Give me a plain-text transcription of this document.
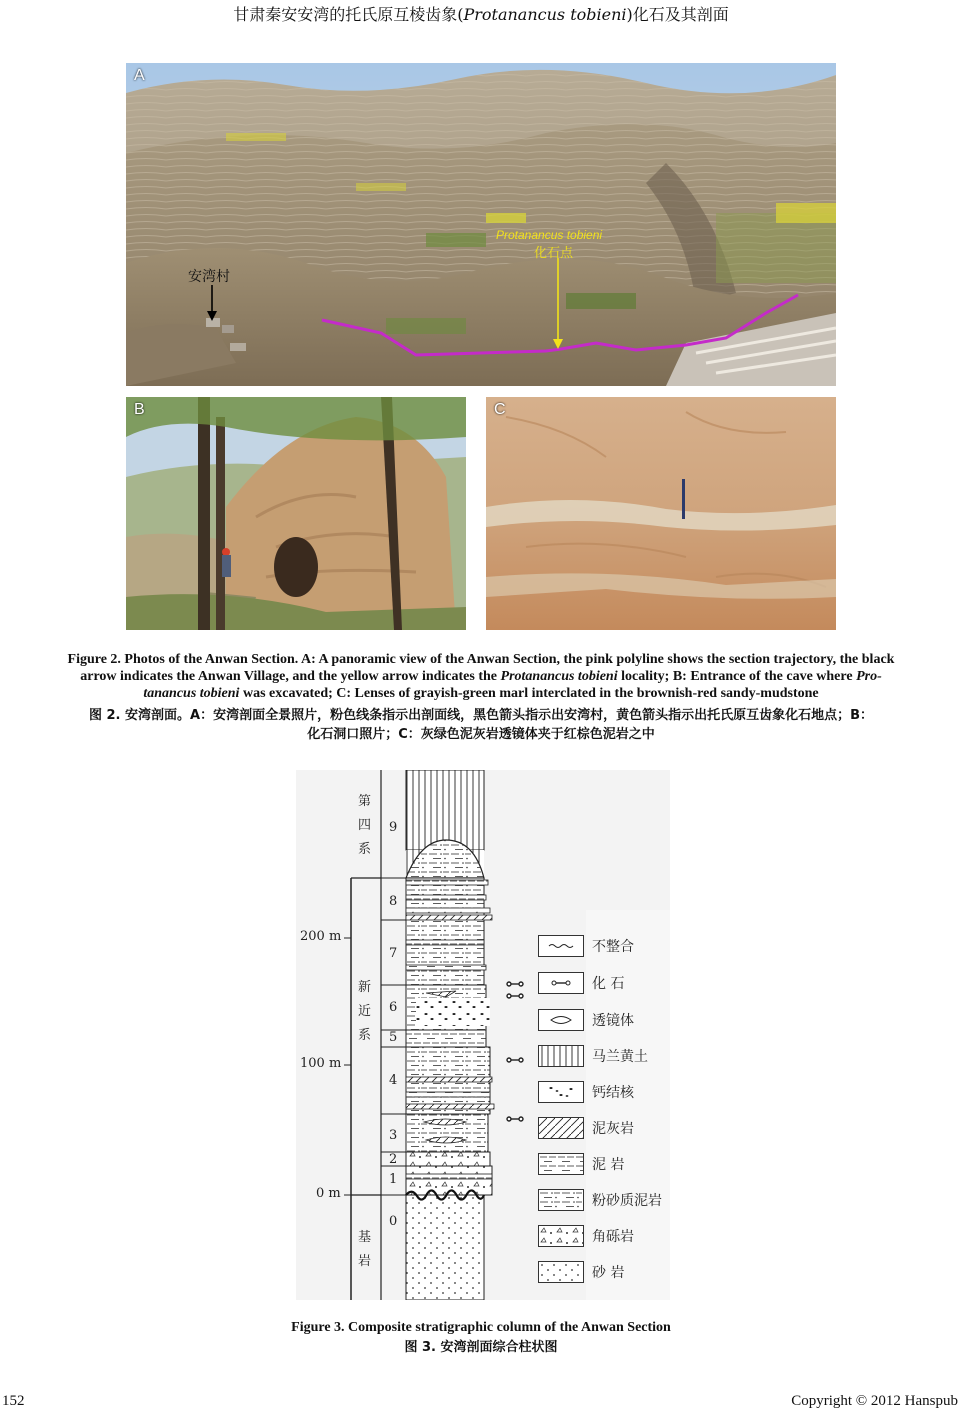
甘肃秦安安湾的托氏原互棱齿象(Protanancus tobieni)化石及其剖面
A
安湾村
Protanancus tobieni
化石点
B	C
Figure 2. Photos of the Anwan Section. A: A panoramic view of the Anwan Section, the pink polyline shows the section trajectory, the black
arrow indicates the Anwan Village, and the yellow arrow indicates the Protanancus tobieni locality; B: Entrance of the cave where Pro-
tanancus tobieni was excavated; C: Lenses of grayish-green marl interclated in the brownish-red sandy-mudstone
图 2. 安湾剖面。A：安湾剖面全景照片，粉色线条指示出剖面线，黑色箭头指示出安湾村，黄色箭头指示出托氏原互齿象化石地点；B：
化石洞口照片；C：灰绿色泥灰岩透镜体夹于红棕色泥岩之中
200 m
100 m
0 m
第
四
系
新
近
系
基
岩
9
8
7
6
5
4
3
2
1
0
不整合
化 石
透镜体
马兰黄土
钙结核
泥灰岩
泥 岩
粉砂质泥岩
角砾岩
砂 岩
Figure 3. Composite stratigraphic column of the Anwan Section
图 3. 安湾剖面综合柱状图
152	Copyright © 2012 Hanspub
